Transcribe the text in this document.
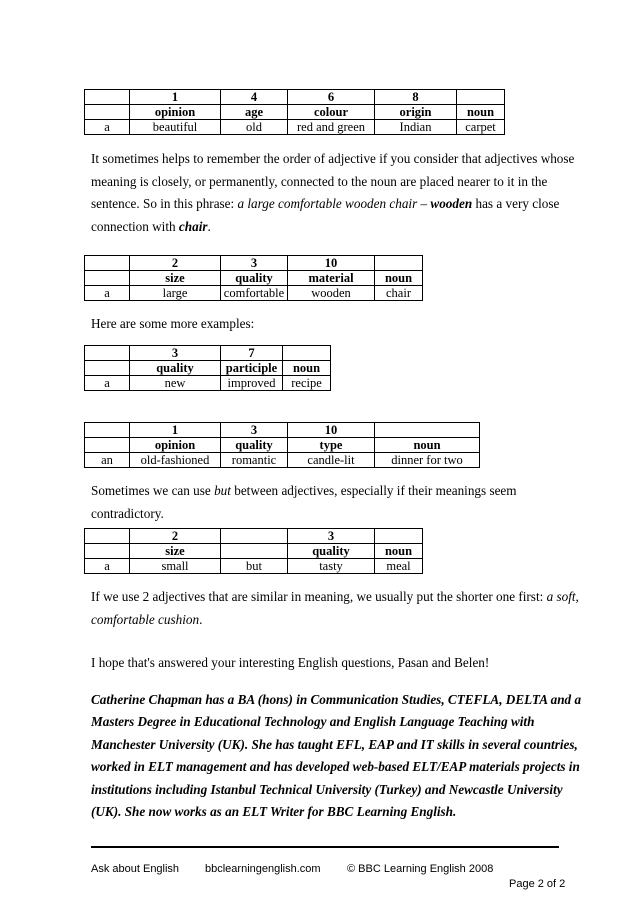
	1	4	6	8	
	opinion	age	colour	origin	noun
a	beautiful	old	red and green	Indian	carpet

It sometimes helps to remember the order of adjective if you consider that adjectives whose meaning is closely, or permanently, connected to the noun are placed nearer to it in the sentence. So in this phrase: a large comfortable wooden chair – wooden has a very close connection with chair.

	2	3	10	
	size	quality	material	noun
a	large	comfortable	wooden	chair

Here are some more examples:

	3	7	
	quality	participle	noun
a	new	improved	recipe
	1	3	10	
	opinion	quality	type	noun
an	old-fashioned	romantic	candle-lit	dinner for two

Sometimes we can use but between adjectives, especially if their meanings seem contradictory.

	2		3	
	size		quality	noun
a	small	but	tasty	meal

If we use 2 adjectives that are similar in meaning, we usually put the shorter one first: a soft, comfortable cushion.

I hope that's answered your interesting English questions, Pasan and Belen!

Catherine Chapman has a BA (hons) in Communication Studies, CTEFLA, DELTA and a Masters Degree in Educational Technology and English Language Teaching with Manchester University (UK). She has taught EFL, EAP and IT skills in several countries, worked in ELT management and has developed web-based ELT/EAP materials projects in institutions including Istanbul Technical University (Turkey) and Newcastle University (UK). She now works as an ELT Writer for BBC Learning English.

Ask about English bbclearningenglish.com © BBC Learning English 2008
Page 2 of 2
